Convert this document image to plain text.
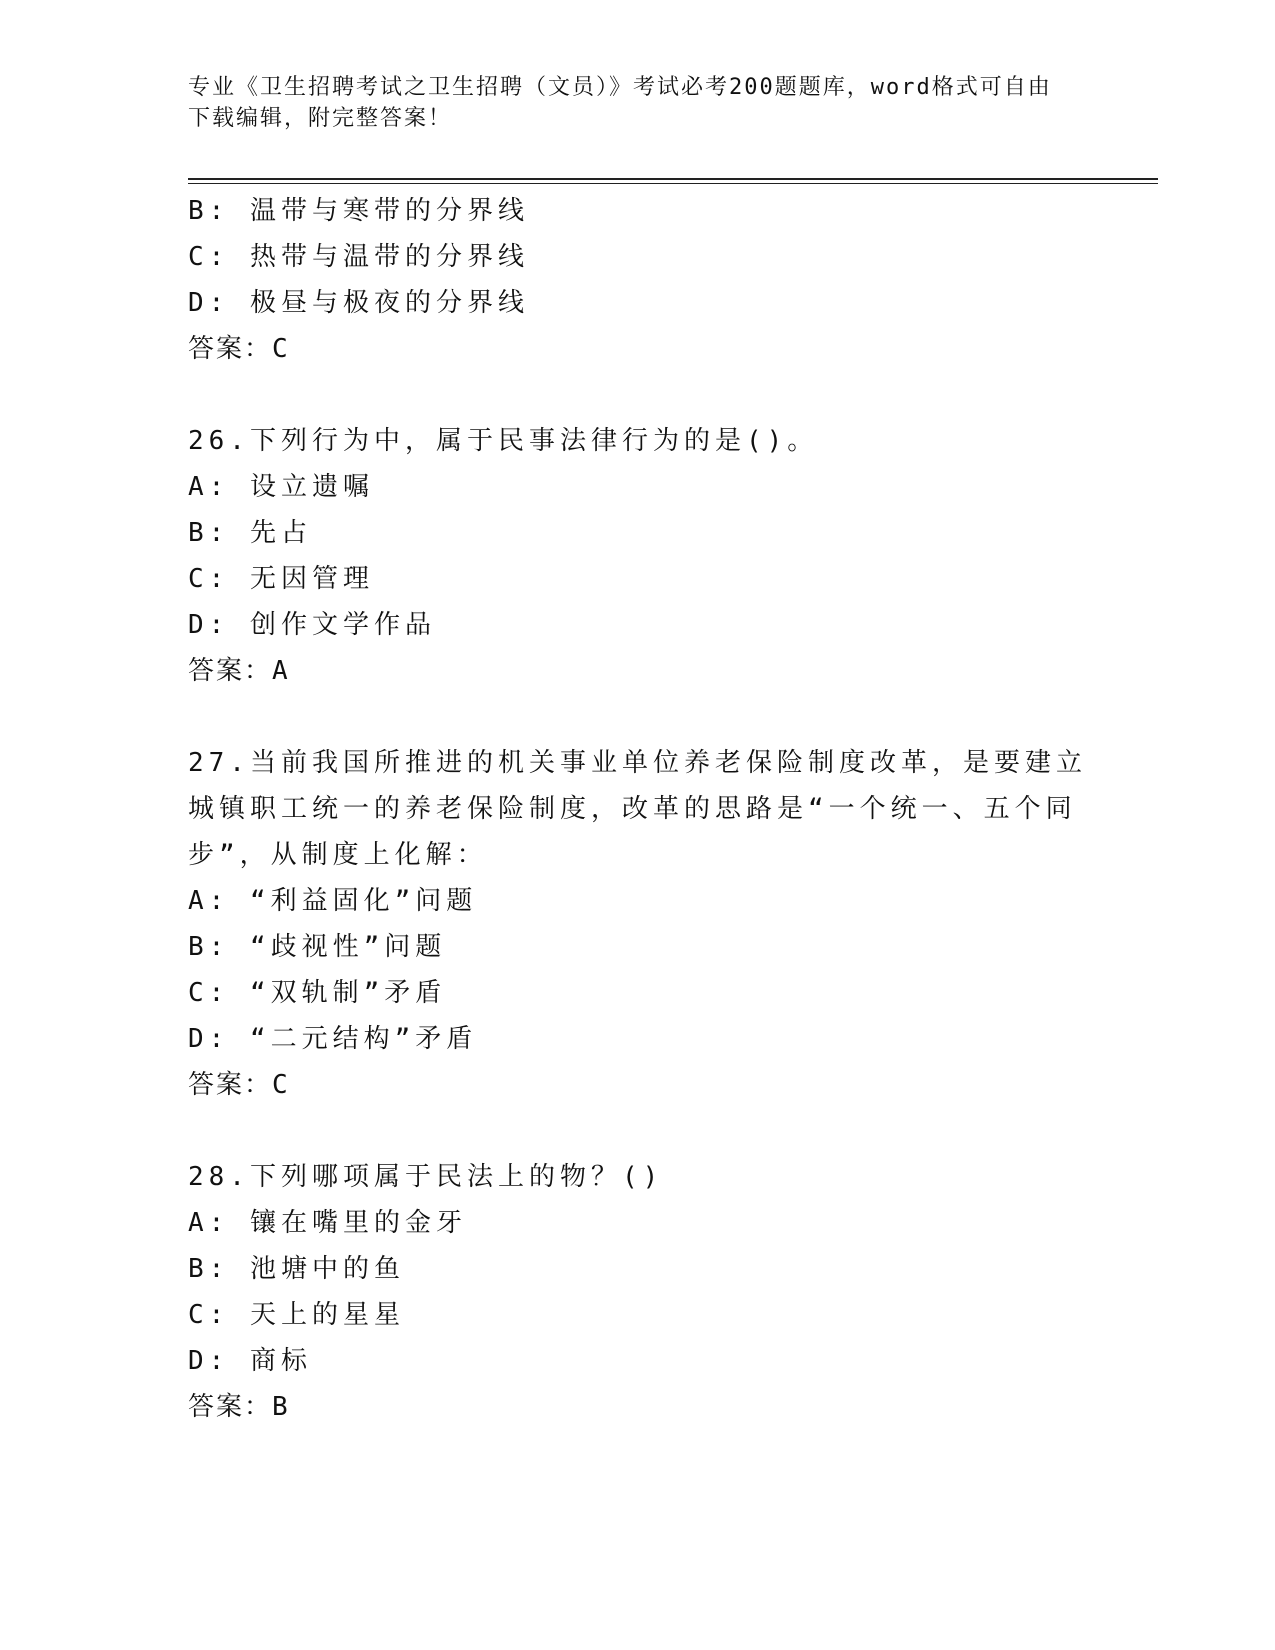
专业《卫生招聘考试之卫生招聘（文员）》考试必考200题题库，word格式可自由下载编辑，附完整答案！
B: 温带与寒带的分界线
C: 热带与温带的分界线
D: 极昼与极夜的分界线
答案：C
26.下列行为中，属于民事法律行为的是()。
A: 设立遗嘱
B: 先占
C: 无因管理
D: 创作文学作品
答案：A
27.当前我国所推进的机关事业单位养老保险制度改革，是要建立城镇职工统一的养老保险制度，改革的思路是“一个统一、五个同步”，从制度上化解：
A: “利益固化”问题
B: “歧视性”问题
C: “双轨制”矛盾
D: “二元结构”矛盾
答案：C
28.下列哪项属于民法上的物？()
A: 镶在嘴里的金牙
B: 池塘中的鱼
C: 天上的星星
D: 商标
答案：B
